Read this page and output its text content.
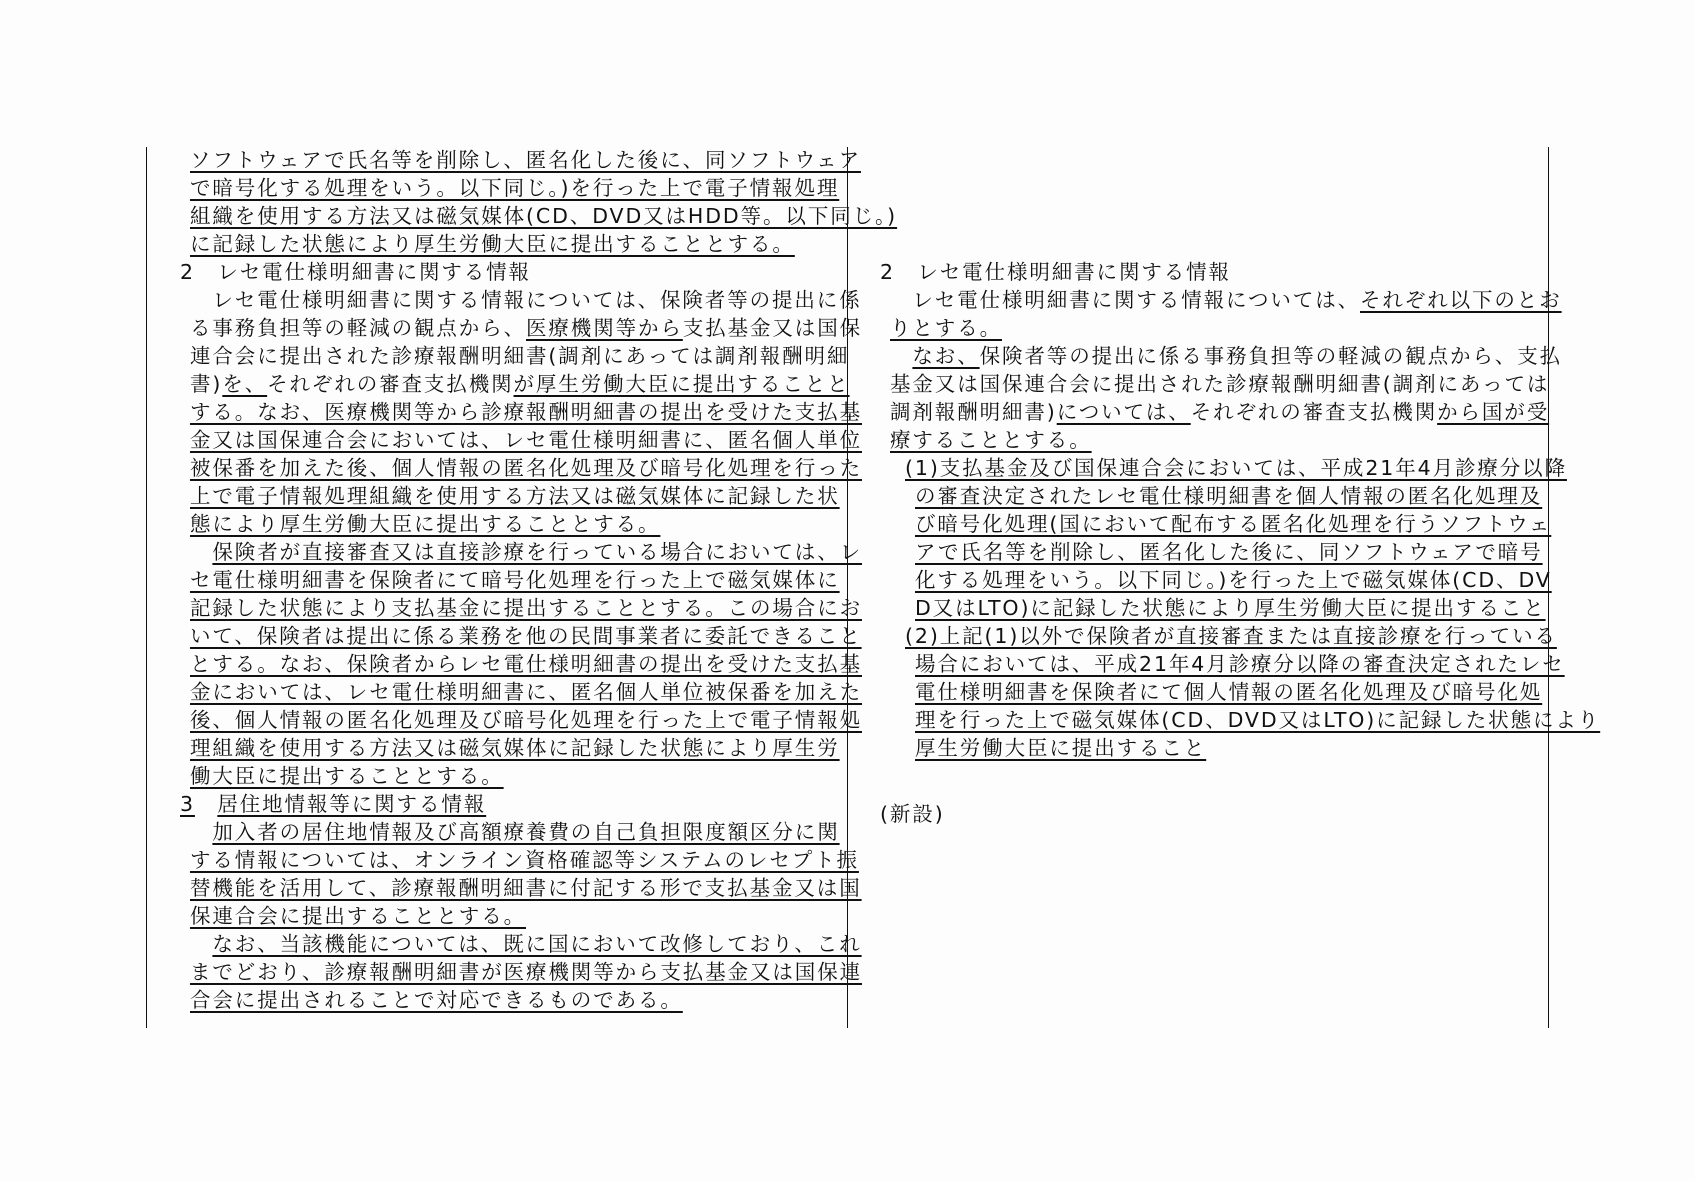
ソフトウェアで氏名等を削除し、匿名化した後に、同ソフトウェア
で暗号化する処理をいう。以下同じ。)を行った上で電子情報処理
組織を使用する方法又は磁気媒体(CD、DVD又はHDD等。以下同じ。)
に記録した状態により厚生労働大臣に提出することとする。
2　レセ電仕様明細書に関する情報
　レセ電仕様明細書に関する情報については、保険者等の提出に係
る事務負担等の軽減の観点から、医療機関等から支払基金又は国保
連合会に提出された診療報酬明細書(調剤にあっては調剤報酬明細
書)を、それぞれの審査支払機関が厚生労働大臣に提出することと
する。なお、医療機関等から診療報酬明細書の提出を受けた支払基
金又は国保連合会においては、レセ電仕様明細書に、匿名個人単位
被保番を加えた後、個人情報の匿名化処理及び暗号化処理を行った
上で電子情報処理組織を使用する方法又は磁気媒体に記録した状
態により厚生労働大臣に提出することとする。
　保険者が直接審査又は直接診療を行っている場合においては、レ
セ電仕様明細書を保険者にて暗号化処理を行った上で磁気媒体に
記録した状態により支払基金に提出することとする。この場合にお
いて、保険者は提出に係る業務を他の民間事業者に委託できること
とする。なお、保険者からレセ電仕様明細書の提出を受けた支払基
金においては、レセ電仕様明細書に、匿名個人単位被保番を加えた
後、個人情報の匿名化処理及び暗号化処理を行った上で電子情報処
理組織を使用する方法又は磁気媒体に記録した状態により厚生労
働大臣に提出することとする。
3　 居住地情報等に関する情報
　加入者の居住地情報及び高額療養費の自己負担限度額区分に関
する情報については、オンライン資格確認等システムのレセプト振
替機能を活用して、診療報酬明細書に付記する形で支払基金又は国
保連合会に提出することとする。
　なお、当該機能については、既に国において改修しており、これ
までどおり、診療報酬明細書が医療機関等から支払基金又は国保連
合会に提出されることで対応できるものである。
2　レセ電仕様明細書に関する情報
　レセ電仕様明細書に関する情報については、それぞれ以下のとお
りとする。
　なお、保険者等の提出に係る事務負担等の軽減の観点から、支払
基金又は国保連合会に提出された診療報酬明細書(調剤にあっては
調剤報酬明細書)については、それぞれの審査支払機関から国が受
療することとする。
(1)支払基金及び国保連合会においては、平成21年4月診療分以降
の審査決定されたレセ電仕様明細書を個人情報の匿名化処理及
び暗号化処理(国において配布する匿名化処理を行うソフトウェ
アで氏名等を削除し、匿名化した後に、同ソフトウェアで暗号
化する処理をいう。以下同じ。)を行った上で磁気媒体(CD、DV
D又はLTO)に記録した状態により厚生労働大臣に提出すること
(2)上記(1)以外で保険者が直接審査または直接診療を行っている
場合においては、平成21年4月診療分以降の審査決定されたレセ
電仕様明細書を保険者にて個人情報の匿名化処理及び暗号化処
理を行った上で磁気媒体(CD、DVD又はLTO)に記録した状態により
厚生労働大臣に提出すること
(新設)
